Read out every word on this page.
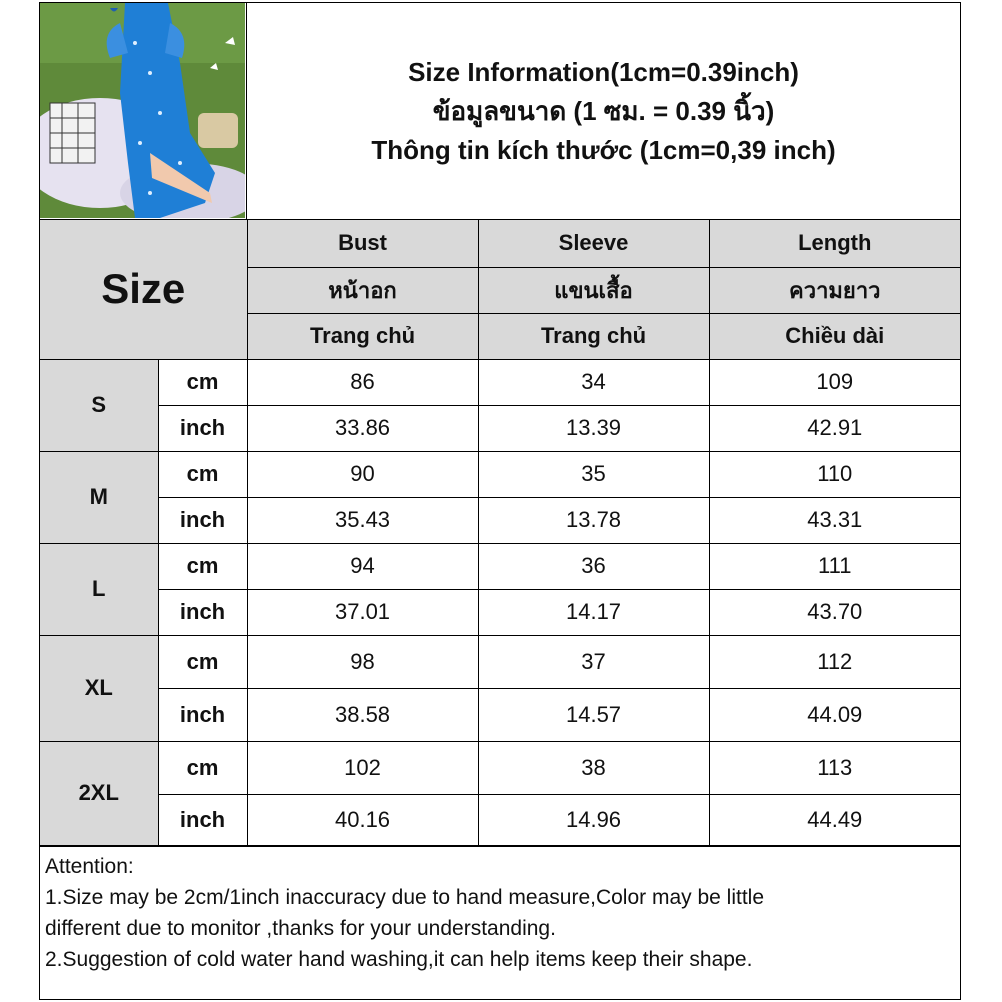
Size Information(1cm=0.39inch)
ข้อมูลขนาด (1 ซม. = 0.39 นิ้ว)
Thông tin kích thước (1cm=0,39 inch)
Size		Bust	Sleeve	Length
		หน้าอก	แขนเสื้อ	ความยาว
		Trang chủ	Trang chủ	Chiều dài
S	cm	86	34	109
	inch	33.86	13.39	42.91
M	cm	90	35	110
	inch	35.43	13.78	43.31
L	cm	94	36	111
	inch	37.01	14.17	43.70
XL	cm	98	37	112
	inch	38.58	14.57	44.09
2XL	cm	102	38	113
	inch	40.16	14.96	44.49
Attention:
1.Size may be 2cm/1inch inaccuracy due to hand measure,Color may be little
different due to monitor ,thanks for your understanding.
2.Suggestion of cold water hand washing,it can help items keep their shape.
